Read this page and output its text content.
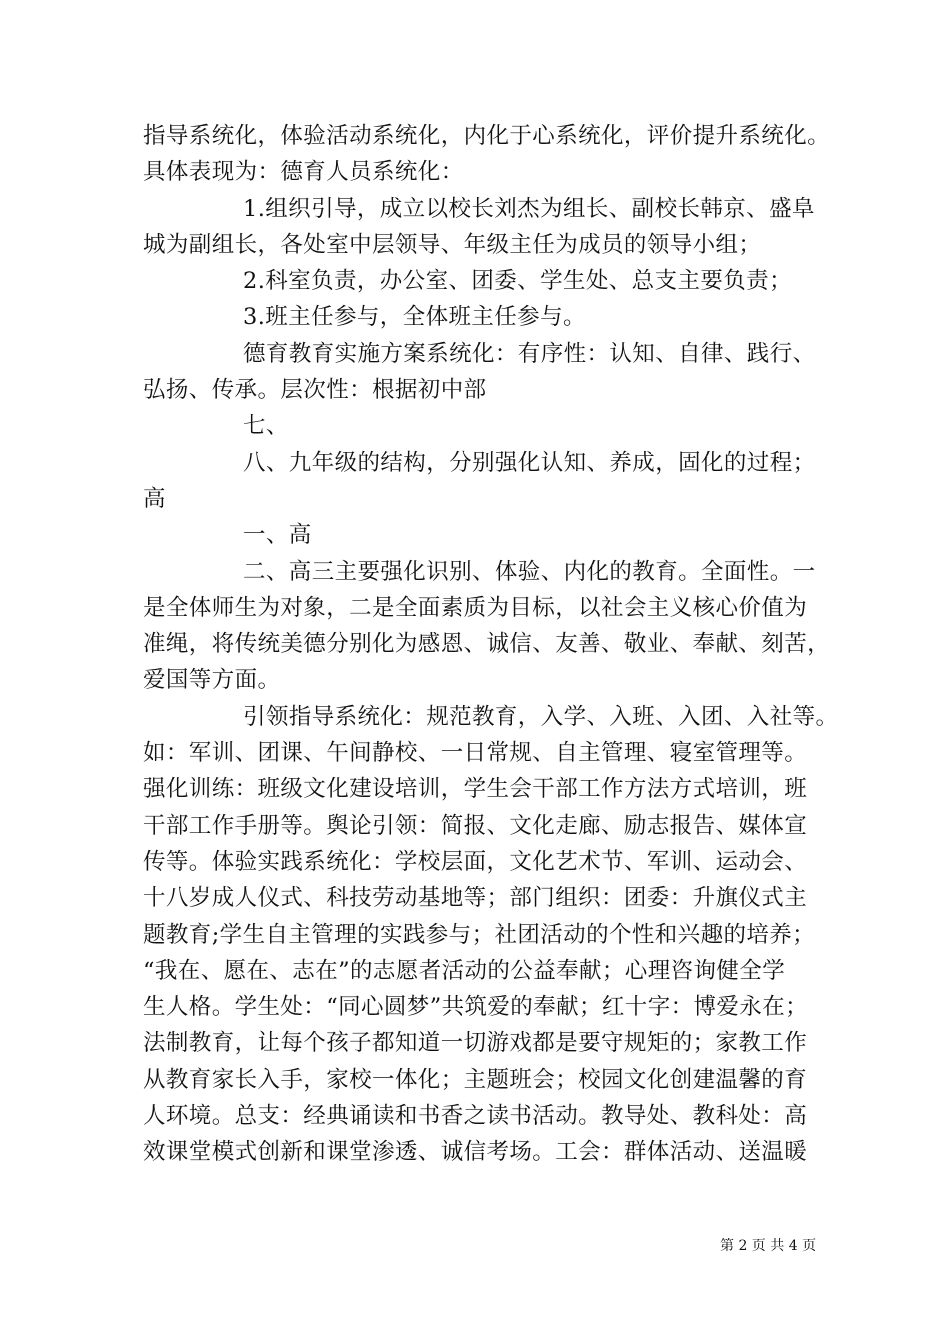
指导系统化，体验活动系统化，内化于心系统化，评价提升系统化。
具体表现为：德育人员系统化：
1.组织引导，成立以校长刘杰为组长、副校长韩京、盛阜
城为副组长，各处室中层领导、年级主任为成员的领导小组；
2.科室负责，办公室、团委、学生处、总支主要负责；
3.班主任参与，全体班主任参与。
德育教育实施方案系统化：有序性：认知、自律、践行、
弘扬、传承。层次性：根据初中部
七、
八、九年级的结构，分别强化认知、养成，固化的过程；
高
一、高
二、高三主要强化识别、体验、内化的教育。全面性。一
是全体师生为对象，二是全面素质为目标，以社会主义核心价值为
准绳，将传统美德分别化为感恩、诚信、友善、敬业、奉献、刻苦，
爱国等方面。
引领指导系统化：规范教育，入学、入班、入团、入社等。
如：军训、团课、午间静校、一日常规、自主管理、寝室管理等。
强化训练：班级文化建设培训，学生会干部工作方法方式培训，班
干部工作手册等。舆论引领：简报、文化走廊、励志报告、媒体宣
传等。体验实践系统化：学校层面，文化艺术节、军训、运动会、
十八岁成人仪式、科技劳动基地等；部门组织：团委：升旗仪式主
题教育;学生自主管理的实践参与；社团活动的个性和兴趣的培养；
“我在、愿在、志在”的志愿者活动的公益奉献；心理咨询健全学
生人格。学生处：“同心圆梦”共筑爱的奉献；红十字：博爱永在；
法制教育，让每个孩子都知道一切游戏都是要守规矩的；家教工作
从教育家长入手，家校一体化；主题班会；校园文化创建温馨的育
人环境。总支：经典诵读和书香之读书活动。教导处、教科处：高
效课堂模式创新和课堂渗透、诚信考场。工会：群体活动、送温暖
第 2 页 共 4 页
